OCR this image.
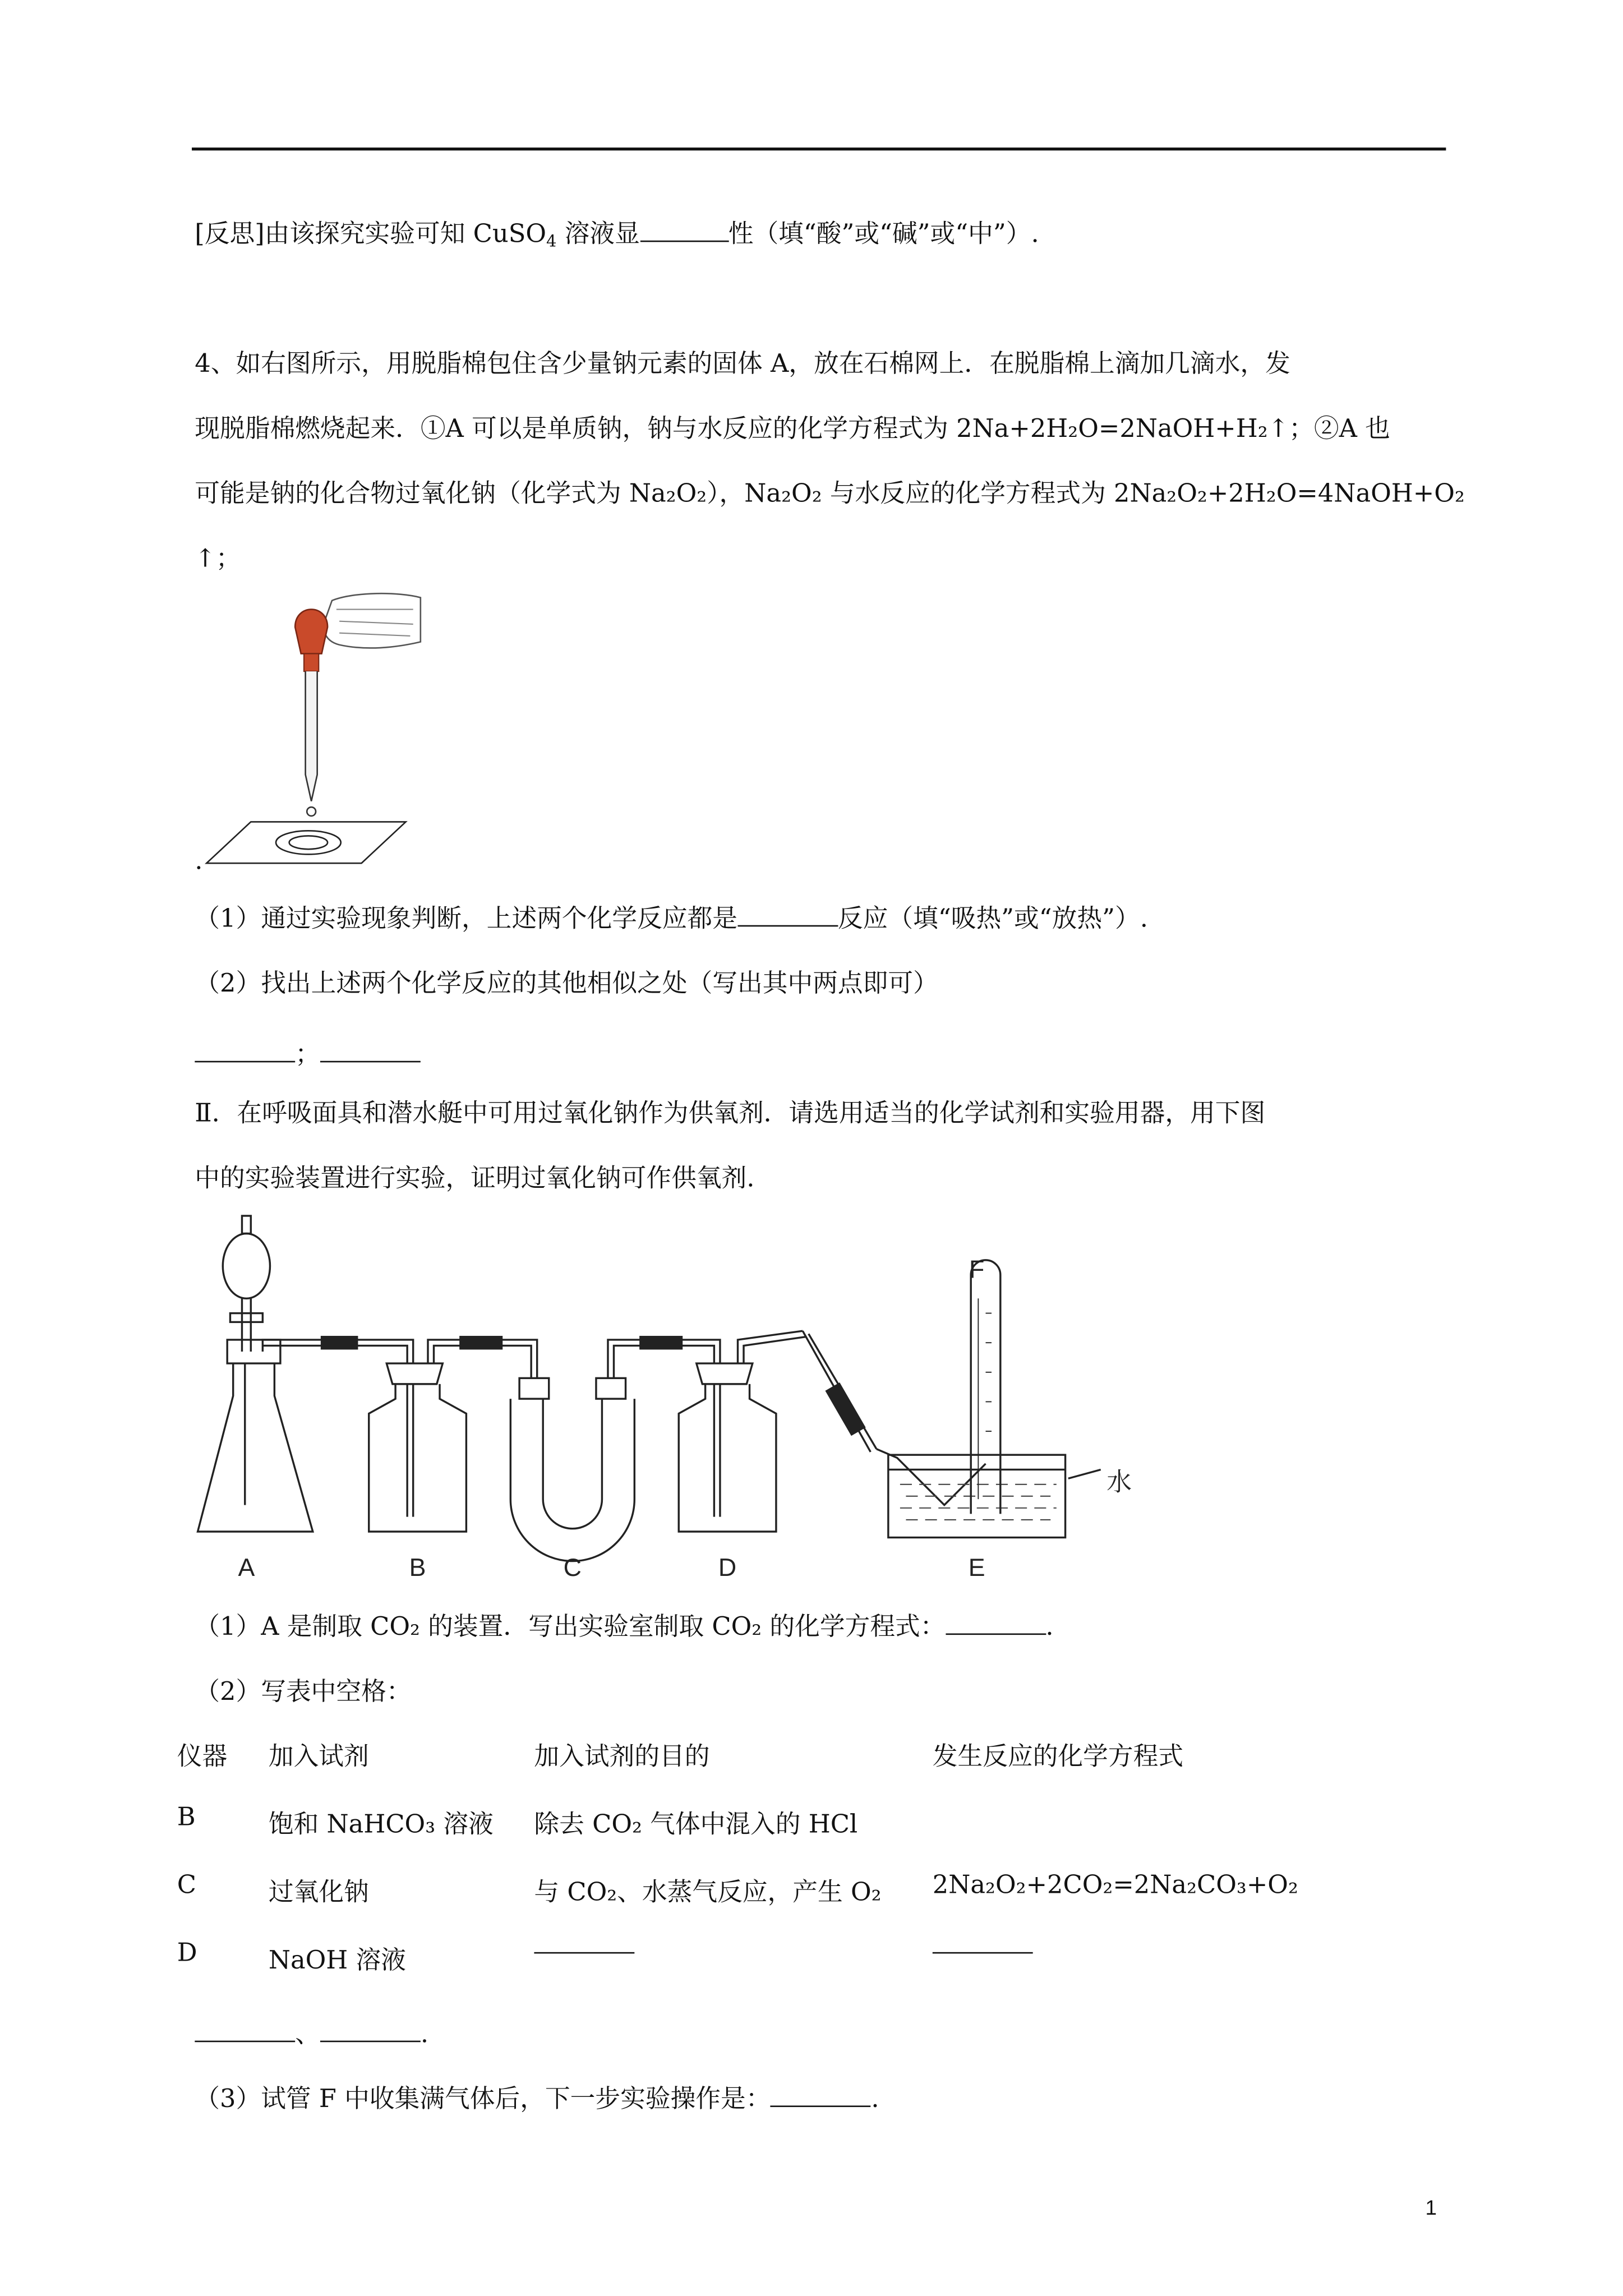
[反思]由该探究实验可知 CuSO$_4$ 溶液显	性（填“酸”或“碱”或“中”）.
4、如右图所示，用脱脂棉包住含少量钠元素的固体 A，放在石棉网上．在脱脂棉上滴加几滴水，发
现脱脂棉燃烧起来．①A 可以是单质钠，钠与水反应的化学方程式为 2Na+2H₂O=2NaOH+H₂↑；②A 也
可能是钠的化合物过氧化钠（化学式为 Na₂O₂），Na₂O₂ 与水反应的化学方程式为 2Na₂O₂+2H₂O=4NaOH+O₂
↑；
.
（1）通过实验现象判断，上述两个化学反应都是	反应（填“吸热”或“放热”）.
（2）找出上述两个化学反应的其他相似之处（写出其中两点即可）
；
Ⅱ．在呼吸面具和潜水艇中可用过氧化钠作为供氧剂．请选用适当的化学试剂和实验用器，用下图
中的实验装置进行实验，证明过氧化钠可作供氧剂.
A	B	C	D	E
F
水
（1）A 是制取 CO₂ 的装置．写出实验室制取 CO₂ 的化学方程式：	.
（2）写表中空格：
仪器	加入试剂	加入试剂的目的	发生反应的化学方程式
B	饱和 NaHCO₃ 溶液	除去 CO₂ 气体中混入的 HCl
C	过氧化钠	与 CO₂、水蒸气反应，产生 O₂	2Na₂O₂+2CO₂=2Na₂CO₃+O₂
D	NaOH 溶液
、	.
（3）试管 F 中收集满气体后，下一步实验操作是：	.
1
